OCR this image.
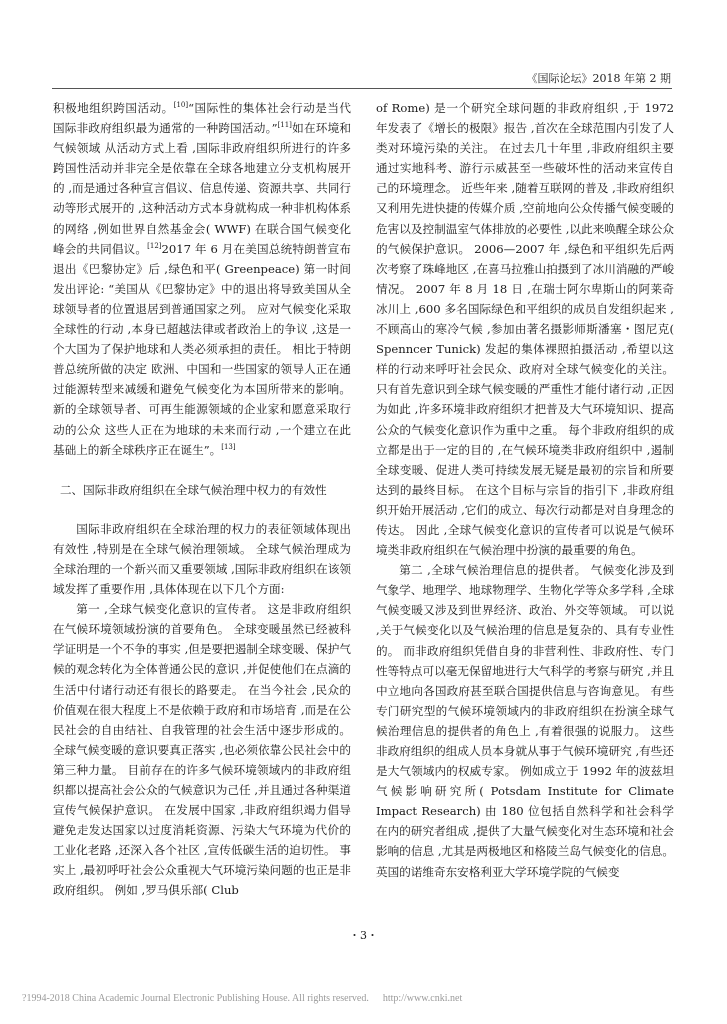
《国际论坛》2018 年第 2 期

积极地组织跨国活动。[10]“国际性的集体社会行动是当代国际非政府组织最为通常的一种跨国活动。”[11]如在环境和气候领域 从活动方式上看 ,国际非政府组织所进行的许多跨国性活动并非完全是依靠在全球各地建立分支机构展开的 ,而是通过各种宣言倡议、信息传递、资源共享、共同行动等形式展开的 ,这种活动方式本身就构成一种非机构体系的网络 ,例如世界自然基金会( WWF) 在联合国气候变化峰会的共同倡议。[12]2017 年 6 月在美国总统特朗普宣布退出《巴黎协定》后 ,绿色和平( Greenpeace) 第一时间发出评论: “美国从《巴黎协定》中的退出将导致美国从全球领导者的位置退居到普通国家之列。 应对气候变化采取全球性的行动 ,本身已超越法律或者政治上的争议 ,这是一个大国为了保护地球和人类必须承担的责任。 相比于特朗普总统所做的决定 欧洲、中国和一些国家的领导人正在通过能源转型来减缓和避免气候变化为本国所带来的影响。 新的全球领导者、可再生能源领域的企业家和愿意采取行动的公众 这些人正在为地球的未来而行动 ,一个建立在此基础上的新全球秩序正在诞生”。[13]

二、国际非政府组织在全球气候治理中权力的有效性

国际非政府组织在全球治理的权力的表征领域体现出有效性 ,特别是在全球气候治理领域。 全球气候治理成为全球治理的一个新兴而又重要领域 ,国际非政府组织在该领域发挥了重要作用 ,具体体现在以下几个方面:

第一 ,全球气候变化意识的宣传者。 这是非政府组织在气候环境领域扮演的首要角色。 全球变暖虽然已经被科学证明是一个不争的事实 ,但是要把遏制全球变暖、保护气候的观念转化为全体普通公民的意识 ,并促使他们在点滴的生活中付诸行动还有很长的路要走。 在当今社会 ,民众的价值观在很大程度上不是依赖于政府和市场培育 ,而是在公民社会的自由结社、自我管理的社会生活中逐步形成的。 全球气候变暖的意识要真正落实 ,也必须依靠公民社会中的第三种力量。 目前存在的许多气候环境领域内的非政府组织都以提高社会公众的气候意识为己任 ,并且通过各种渠道宣传气候保护意识。 在发展中国家 ,非政府组织竭力倡导避免走发达国家以过度消耗资源、污染大气环境为代价的工业化老路 ,还深入各个社区 ,宣传低碳生活的迫切性。 事实上 ,最初呼吁社会公众重视大气环境污染问题的也正是非政府组织。 例如 ,罗马俱乐部( Club

of Rome) 是一个研究全球问题的非政府组织 ,于 1972 年发表了《增长的极限》报告 ,首次在全球范围内引发了人类对环境污染的关注。 在过去几十年里 ,非政府组织主要通过实地科考、游行示威甚至一些破坏性的活动来宣传自己的环境理念。 近些年来 ,随着互联网的普及 ,非政府组织又利用先进快捷的传媒介质 ,空前地向公众传播气候变暖的危害以及控制温室气体排放的必要性 ,以此来唤醒全球公众的气候保护意识。 2006—2007 年 ,绿色和平组织先后两次考察了珠峰地区 ,在喜马拉雅山拍摄到了冰川消融的严峻情况。 2007 年 8 月 18 日 ,在瑞士阿尔卑斯山的阿莱奇冰川上 ,600 多名国际绿色和平组织的成员自发组织起来 ,不顾高山的寒冷气候 ,参加由著名摄影师斯潘塞・图尼克( Spenncer Tunick) 发起的集体裸照拍摄活动 ,希望以这样的行动来呼吁社会民众、政府对全球气候变化的关注。 只有首先意识到全球气候变暖的严重性才能付诸行动 ,正因为如此 ,许多环境非政府组织才把普及大气环境知识、提高公众的气候变化意识作为重中之重。 每个非政府组织的成立都是出于一定的目的 ,在气候环境类非政府组织中 ,遏制全球变暖、促进人类可持续发展无疑是最初的宗旨和所要达到的最终目标。 在这个目标与宗旨的指引下 ,非政府组织开始开展活动 ,它们的成立、每次行动都是对自身理念的传达。 因此 ,全球气候变化意识的宣传者可以说是气候环境类非政府组织在气候治理中扮演的最重要的角色。

第二 ,全球气候治理信息的提供者。 气候变化涉及到气象学、地理学、地球物理学、生物化学等众多学科 ,全球气候变暖又涉及到世界经济、政治、外交等领域。 可以说 ,关于气候变化以及气候治理的信息是复杂的、具有专业性的。 而非政府组织凭借自身的非营利性、非政府性、专门性等特点可以毫无保留地进行大气科学的考察与研究 ,并且中立地向各国政府甚至联合国提供信息与咨询意见。 有些专门研究型的气候环境领域内的非政府组织在扮演全球气候治理信息的提供者的角色上 ,有着很强的说服力。 这些非政府组织的组成人员本身就从事于气候环境研究 ,有些还是大气领域内的权威专家。 例如成立于 1992 年的波兹坦气候影响研究所( Potsdam Institute for Climate Impact Research) 由 180 位包括自然科学和社会科学在内的研究者组成 ,提供了大量气候变化对生态环境和社会影响的信息 ,尤其是两极地区和格陵兰岛气候变化的信息。 英国的诺维奇东安格利亚大学环境学院的气候变

・3・
?1994-2018 China Academic Journal Electronic Publishing House. All rights reserved. http://www.cnki.net
